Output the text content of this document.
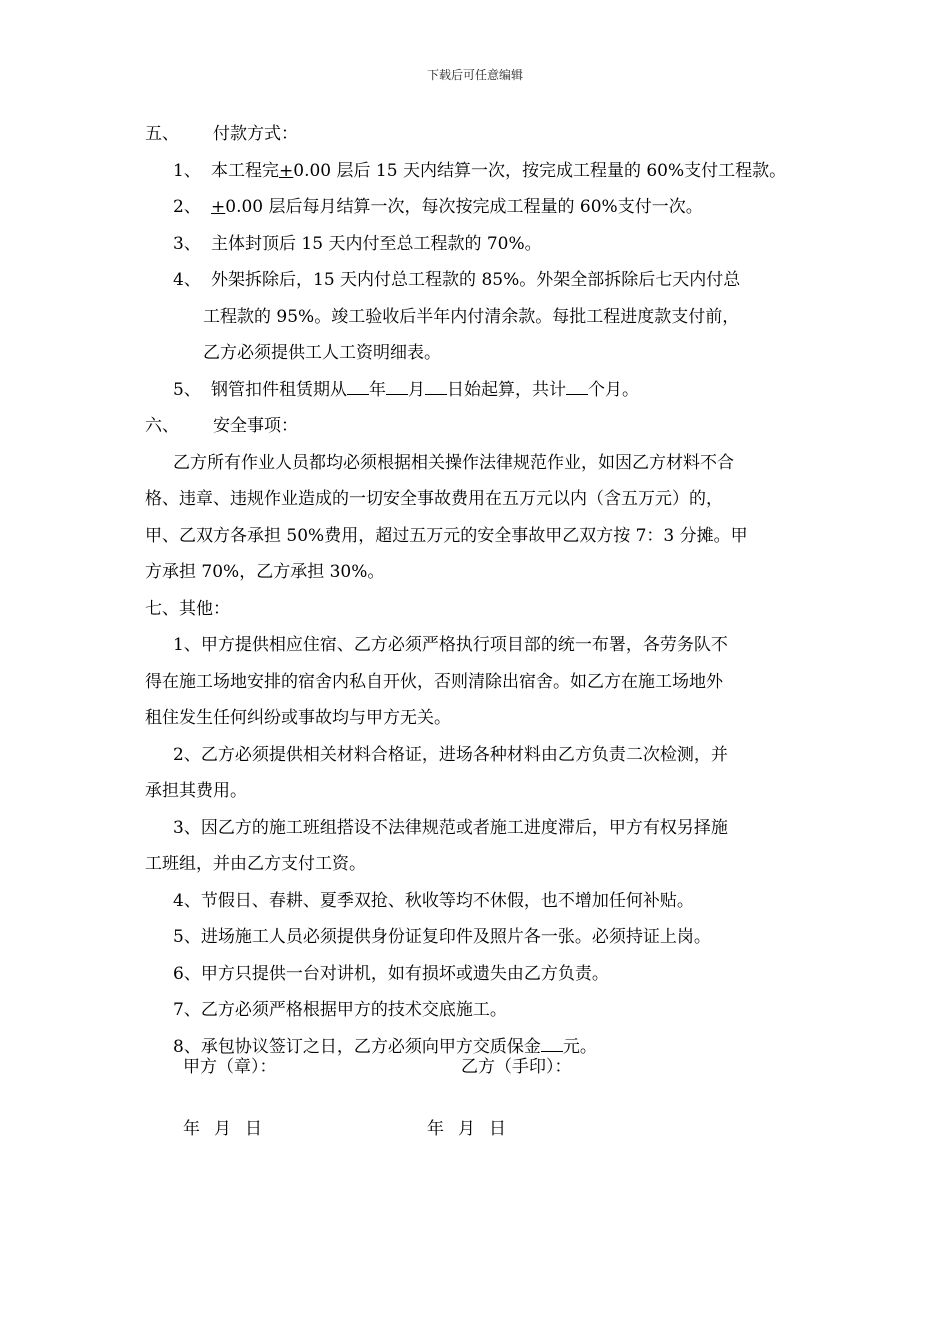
下载后可任意编辑
五、 付款方式：
1、 本工程完+0.00 层后 15 天内结算一次，按完成工程量的 60%支付工程款。
2、 +0.00 层后每月结算一次，每次按完成工程量的 60%支付一次。
3、 主体封顶后 15 天内付至总工程款的 70%。
4、 外架拆除后，15 天内付总工程款的 85%。外架全部拆除后七天内付总
工程款的 95%。竣工验收后半年内付清余款。每批工程进度款支付前，
乙方必须提供工人工资明细表。
5、 钢管扣件租赁期从 年 月 日始起算，共计 个月。
六、 安全事项：
乙方所有作业人员都均必须根据相关操作法律规范作业，如因乙方材料不合
格、违章、违规作业造成的一切安全事故费用在五万元以内（含五万元）的，
甲、乙双方各承担 50%费用，超过五万元的安全事故甲乙双方按 7：3 分摊。甲
方承担 70%，乙方承担 30%。
七、其他：
1、甲方提供相应住宿、乙方必须严格执行项目部的统一布署，各劳务队不
得在施工场地安排的宿舍内私自开伙，否则清除出宿舍。如乙方在施工场地外
租住发生任何纠纷或事故均与甲方无关。
2、乙方必须提供相关材料合格证，进场各种材料由乙方负责二次检测，并
承担其费用。
3、因乙方的施工班组搭设不法律规范或者施工进度滞后，甲方有权另择施
工班组，并由乙方支付工资。
4、节假日、春耕、夏季双抢、秋收等均不休假，也不增加任何补贴。
5、进场施工人员必须提供身份证复印件及照片各一张。必须持证上岗。
6、甲方只提供一台对讲机，如有损坏或遗失由乙方负责。
7、乙方必须严格根据甲方的技术交底施工。
8、承包协议签订之日，乙方必须向甲方交质保金 元。
甲方（章）：	乙方（手印）：
年 月 日	年 月 日
